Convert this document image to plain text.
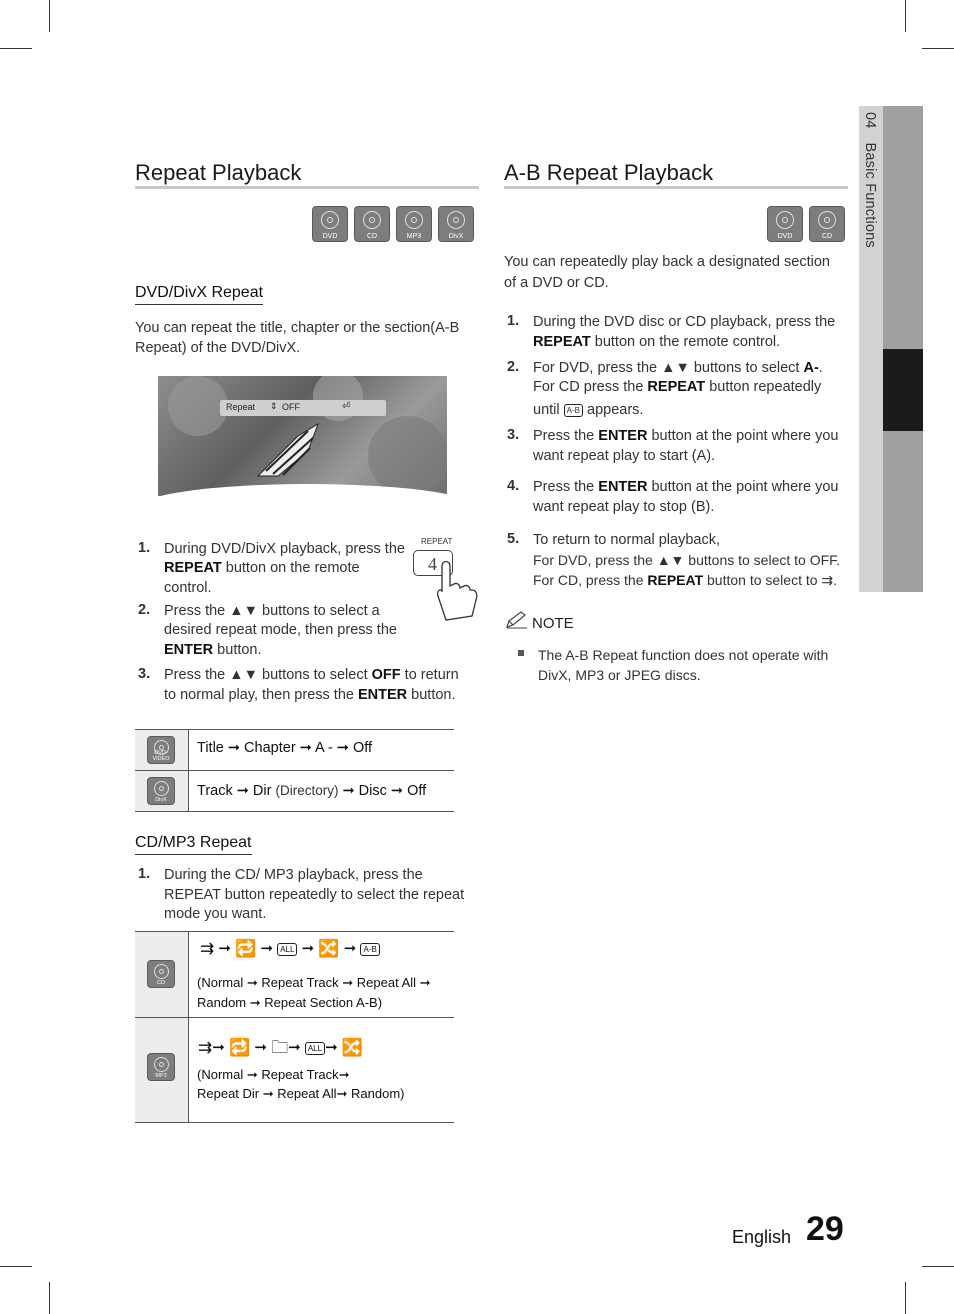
04Basic Functions
Repeat Playback
DVD	CD	MP3	DivX
DVD/DivX Repeat
You can repeat the title, chapter or the section(A-B
Repeat) of the DVD/DivX.
Repeat ⇕ OFF	⏎
REPEAT
4
1. During DVD/DivX playback, press the
REPEAT button on the remote
control.
2. Press the ▲▼ buttons to select a
desired repeat mode, then press the
ENTER button.
3. Press the ▲▼ buttons to select OFF to return
to normal play, then press the ENTER button.
DVD-VIDEO
Title ➞ Chapter ➞ A - ➞ Off
DivX
Track ➞ Dir (Directory) ➞ Disc ➞ Off
CD/MP3 Repeat
1. During the CD/ MP3 playback, press the
REPEAT button repeatedly to select the repeat
mode you want.
CD
⇉ ➞ 🔁 ➞ ALL ➞ 🔀 ➞ A-B
(Normal ➞ Repeat Track ➞ Repeat All ➞
Random ➞ Repeat Section A-B)
MP3
⇉➞ 🔁 ➞ 🗀➞ ALL ➞ 🔀
(Normal ➞ Repeat Track➞
Repeat Dir ➞ Repeat All➞ Random)
A-B Repeat Playback
DVD	CD
You can repeatedly play back a designated section
of a DVD or CD.
1. During the DVD disc or CD playback, press the
REPEAT button on the remote control.
2. For DVD, press the ▲▼ buttons to select A-.
For CD press the REPEAT button repeatedly
until A-B appears.
3. Press the ENTER button at the point where you
want repeat play to start (A).
4. Press the ENTER button at the point where you
want repeat play to stop (B).
5. To return to normal playback,
For DVD, press the ▲▼ buttons to select to OFF.
For CD, press the REPEAT button to select to ⇉.
NOTE
The A-B Repeat function does not operate with
DivX, MP3 or JPEG discs.
English 29
